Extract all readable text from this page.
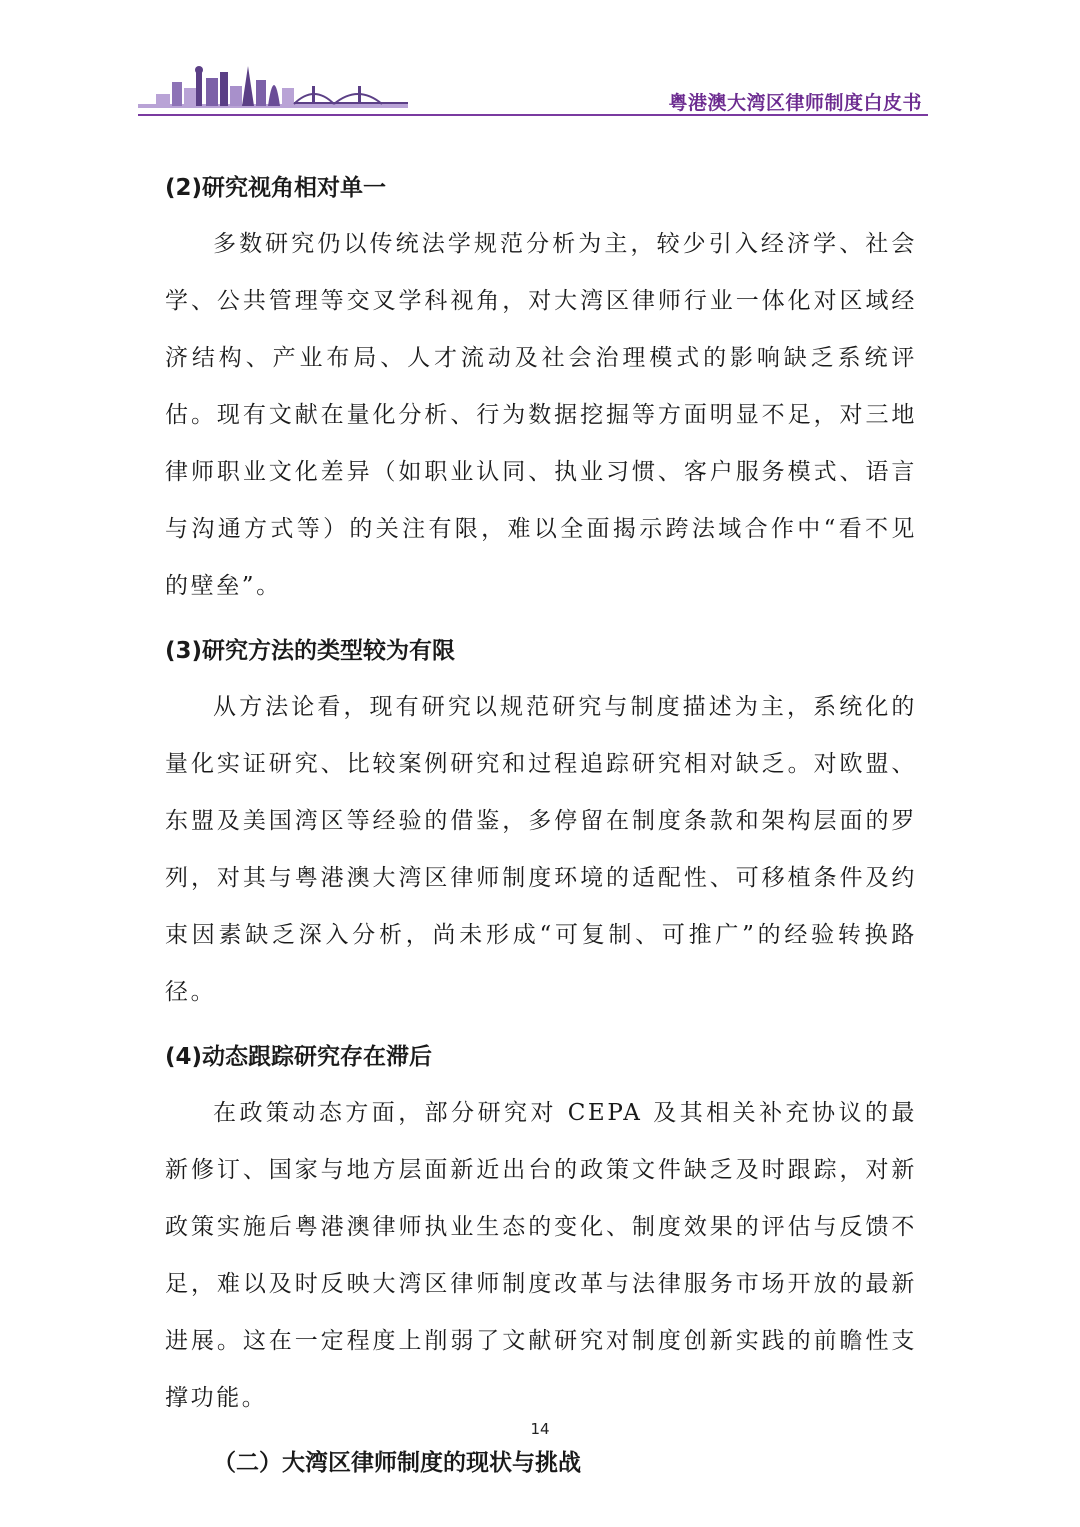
粤港澳大湾区律师制度白皮书

(2)研究视角相对单一

多数研究仍以传统法学规范分析为主，较少引入经济学、社会学、公共管理等交叉学科视角，对大湾区律师行业一体化对区域经济结构、产业布局、人才流动及社会治理模式的影响缺乏系统评估。现有文献在量化分析、行为数据挖掘等方面明显不足，对三地律师职业文化差异（如职业认同、执业习惯、客户服务模式、语言与沟通方式等）的关注有限，难以全面揭示跨法域合作中“看不见的壁垒”。

(3)研究方法的类型较为有限

从方法论看，现有研究以规范研究与制度描述为主，系统化的量化实证研究、比较案例研究和过程追踪研究相对缺乏。对欧盟、东盟及美国湾区等经验的借鉴，多停留在制度条款和架构层面的罗列，对其与粤港澳大湾区律师制度环境的适配性、可移植条件及约束因素缺乏深入分析，尚未形成“可复制、可推广”的经验转换路径。

(4)动态跟踪研究存在滞后

在政策动态方面，部分研究对 CEPA 及其相关补充协议的最新修订、国家与地方层面新近出台的政策文件缺乏及时跟踪，对新政策实施后粤港澳律师执业生态的变化、制度效果的评估与反馈不足，难以及时反映大湾区律师制度改革与法律服务市场开放的最新进展。这在一定程度上削弱了文献研究对制度创新实践的前瞻性支撑功能。

（二）大湾区律师制度的现状与挑战

14
